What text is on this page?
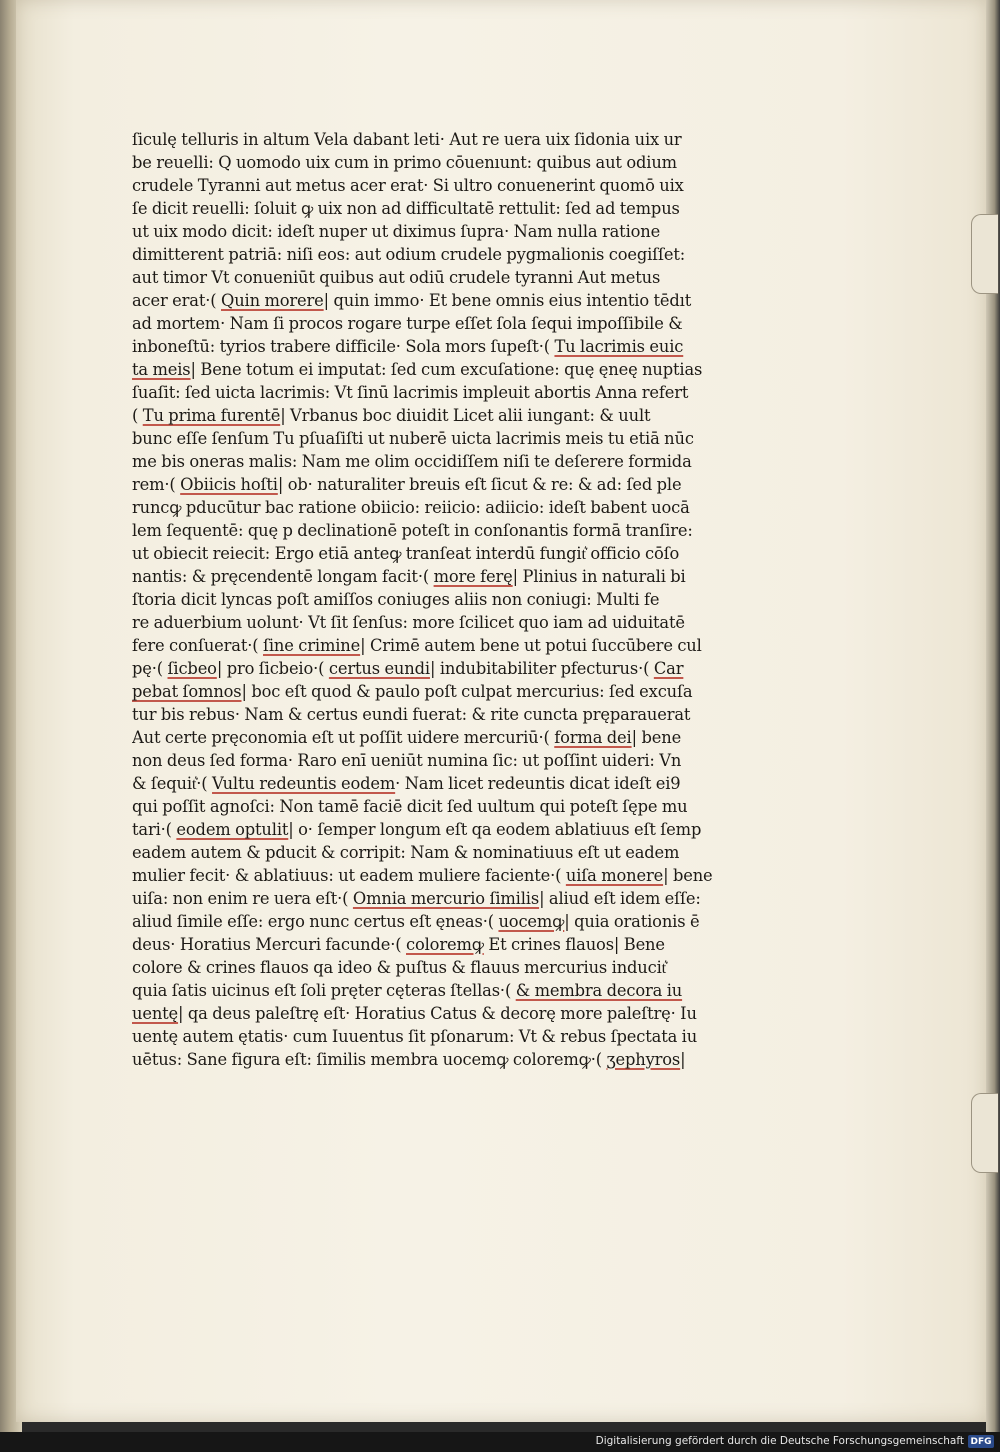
ſiculę telluris in altum Vela dabant leti· Aut re uera uix ſidonia uix ur
be reuelli: Q uomodo uix cum in primo cōuenıunt: quibus aut odium
crudele Tyranni aut metus acer erat· Si ultro conuenerint quomō uix
ſe dicit reuelli: ſoluit ꝙ uix non ad difficultatē rettulit: ſed ad tempus
ut uix modo dicit: ideſt nuper ut diximus ſupra· Nam nulla ratione
dimitterent patriā: niſi eos: aut odium crudele pygmalionis coegiſſet:
aut timor Vt conueniūt quibus aut odiū crudele tyranni Aut metus
acer erat·( Quin morere| quin immo· Et bene omnis eius intentio tēdıt
ad mortem· Nam ſi procos rogare turpe eſſet ſola ſequi impoſſibile &
inboneſtū: tyrios trabere difficile· Sola mors ſupeſt·( Tu lacrimis euic
ta meis| Bene totum ei imputat: ſed cum excuſatione: quę ęneę nuptias
ſuaſit: ſed uicta lacrimis: Vt ſinū lacrimis impleuit abortis Anna refert
( Tu prima furentē| Vrbanus boc diuidit Licet alii iungant: & uult
bunc eſſe ſenſum Tu pſuaſiſti ut nuberē uicta lacrimis meis tu etiā nūc
me bis oneras malis: Nam me olim occidiſſem niſi te deſerere formida
rem·( Obiicis hoſti| ob· naturaliter breuis eſt ſicut & re: & ad: ſed ple
runcꝙ pducūtur bac ratione obiicio: reiicio: adiicio: ideſt babent uocā
lem ſequentē: quę p declinationē poteſt in conſonantis formā tranſire:
ut obiecit reiecit: Ergo etiā anteꝙ tranſeat interdū fungit͛ officio cōſo
nantis: & pręcendentē longam facit·( more ferę| Plinius in naturali bi
ſtoria dicit lyncas poſt amiſſos coniuges aliis non coniugi: Multi fe
re aduerbium uolunt· Vt ſit ſenſus: more ſcilicet quo iam ad uiduitatē
fere conſuerat·( ſine crimine| Crimē autem bene ut potui ſuccūbere cul
pę·( ſicbeo| pro ſicbeio·( certus eundi| indubitabiliter pfecturus·( Car
pebat ſomnos| boc eſt quod & paulo poſt culpat mercurius: ſed excuſa
tur bis rebus· Nam & certus eundi fuerat: & rite cuncta pręparauerat
Aut certe pręconomia eſt ut poſſit uidere mercuriū·( forma dei| bene
non deus ſed forma· Raro enī ueniūt numina ſic: ut poſſint uideri: Vn
& ſequit͛·( Vultu redeuntis eodem· Nam licet redeuntis dicat ideſt ei9
qui poſſit agnoſci: Non tamē faciē dicit ſed uultum qui poteſt ſępe mu
tari·( eodem optulit| o· ſemper longum eſt qa eodem ablatiuus eſt ſemp
eadem autem & pducit & corripit: Nam & nominatiuus eſt ut eadem
mulier fecit· & ablatiuus: ut eadem muliere faciente·( uiſa monere| bene
uiſa: non enim re uera eſt·( Omnia mercurio ſimilis| aliud eſt idem eſſe:
aliud ſimile eſſe: ergo nunc certus eſt ęneas·( uocemꝙ| quia orationis ē
deus· Horatius Mercuri facunde·( coloremꝙ Et crines flauos| Bene
colore & crines flauos qa ideo & puſtus & flauus mercurius inducit͛
quia ſatis uicinus eſt ſoli pręter cęteras ſtellas·( & membra decora iu
uentę| qa deus paleſtrę eſt· Horatius Catus & decorę more paleſtrę· Iu
uentę autem ętatis· cum Iuuentus ſit pſonarum: Vt & rebus ſpectata iu
uētus: Sane figura eſt: ſimilis membra uocemꝙ coloremꝙ·( ʒephyros|
Digitalisierung gefördert durch die Deutsche Forschungsgemeinschaft DFG
